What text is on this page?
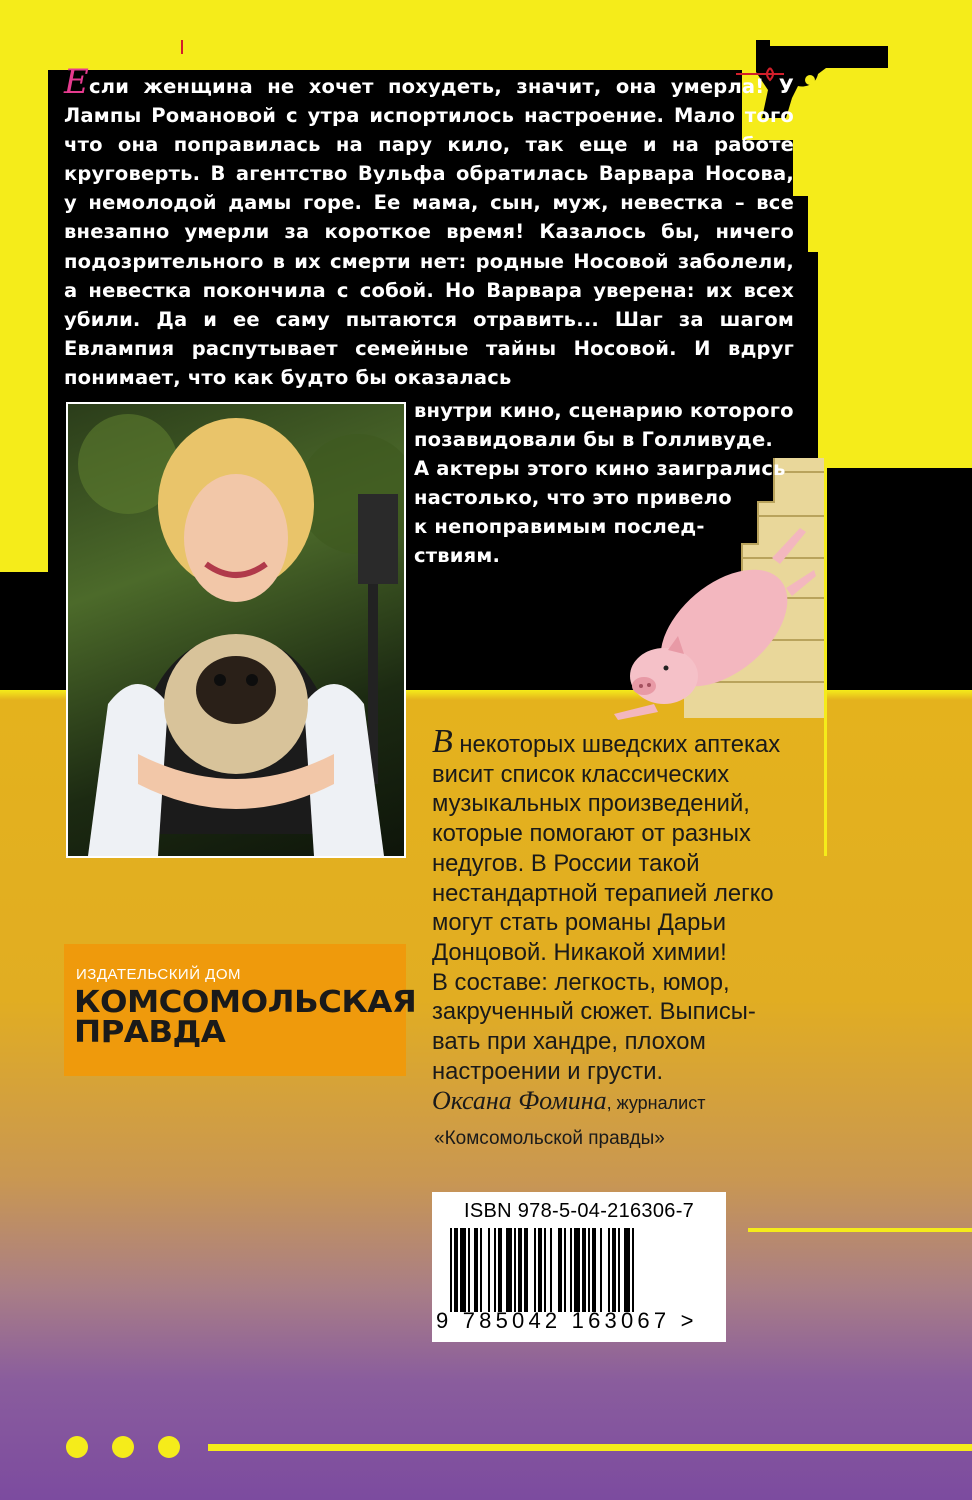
Если женщина не хочет похудеть, значит, она умерла! У Лампы Романовой с утра испортилось настроение. Мало того что она поправилась на пару кило, так еще и на работе круговерть. В агентство Вульфа обратилась Варвара Носова, у немолодой дамы горе. Ее мама, сын, муж, невестка – все внезапно умерли за короткое время! Казалось бы, ничего подозрительного в их смерти нет: родные Носовой заболели, а невестка покончила с собой. Но Варвара уверена: их всех убили. Да и ее саму пытаются отравить... Шаг за шагом Евлампия распутывает семейные тайны Носовой. И вдруг понимает, что как будто бы оказалась

внутри кино, сценарию которого
позавидовали бы в Голливуде.
А актеры этого кино заигрались
настолько, что это привело
к непоправимым послед-
ствиям.

ИЗДАТЕЛЬСКИЙ ДОМ
КОМСОМОЛЬСКАЯ
ПРАВДА

В некоторых шведских аптеках
висит список классических
музыкальных произведений,
которые помогают от разных
недугов. В России такой
нестандартной терапией легко
могут стать романы Дарьи
Донцовой. Никакой химии!
В составе: легкость, юмор,
закрученный сюжет. Выписы-
вать при хандре, плохом
настроении и грусти.

Оксана Фомина, журналист
«Комсомольской правды»
ISBN 978-5-04-216306-7
9 785042 163067 >
